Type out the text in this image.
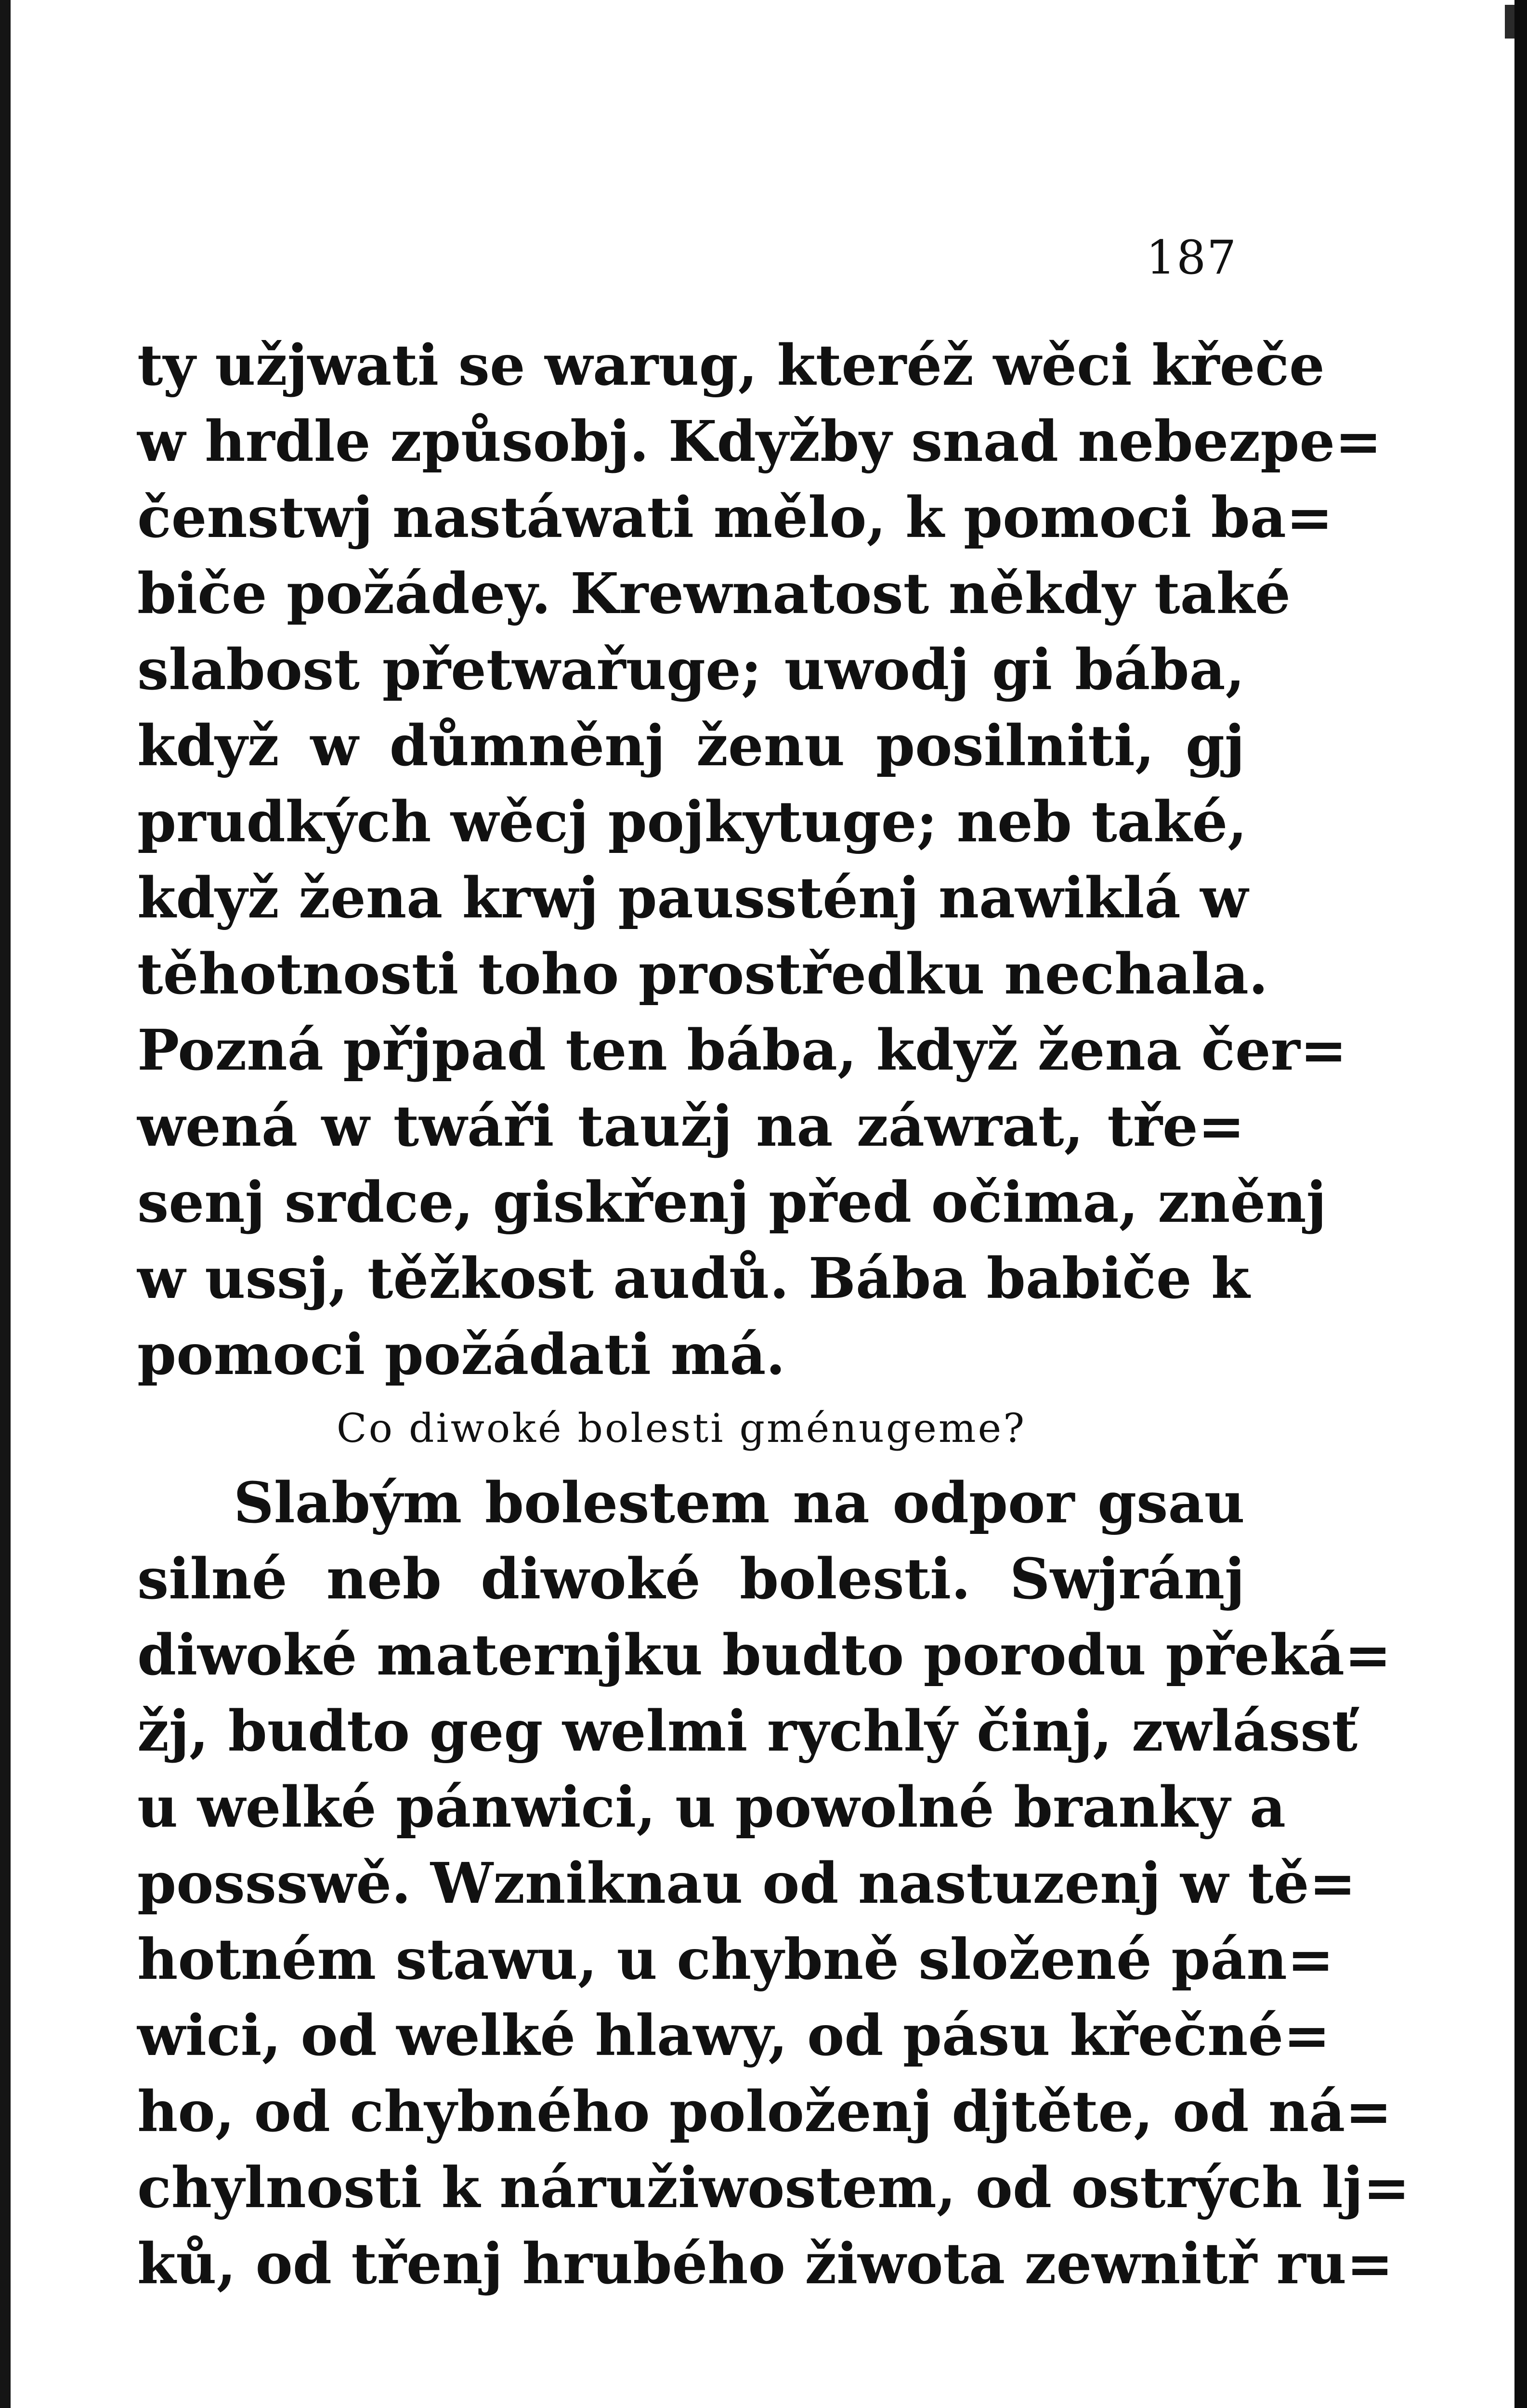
187
ty užjwati se warug, kteréž wěci křeče
w hrdle způsobj. Kdyžby snad nebezpe=
čenstwj nastáwati mělo, k pomoci ba=
biče požádey. Krewnatost někdy také
slabost přetwařuge; uwodj gi bába,
když w důmněnj ženu posilniti, gj
prudkých wěcj pojkytuge; neb také,
když žena krwj paussténj nawiklá w
těhotnosti toho prostředku nechala.
Pozná přjpad ten bába, když žena čer=
wená w twáři taužj na záwrat, tře=
senj srdce, giskřenj před očima, zněnj
w ussj, těžkost audů. Bába babiče k
pomoci požádati má.
Co diwoké bolesti gménugeme?
Slabým bolestem na odpor gsau
silné neb diwoké bolesti. Swjránj
diwoké maternjku budto porodu překá=
žj, budto geg welmi rychlý činj, zwlássť
u welké pánwici, u powolné branky a
possswě. Wzniknau od nastuzenj w tě=
hotném stawu, u chybně složené pán=
wici, od welké hlawy, od pásu křečné=
ho, od chybného položenj djtěte, od ná=
chylnosti k náružiwostem, od ostrých lj=
ků, od třenj hrubého žiwota zewnitř ru=
